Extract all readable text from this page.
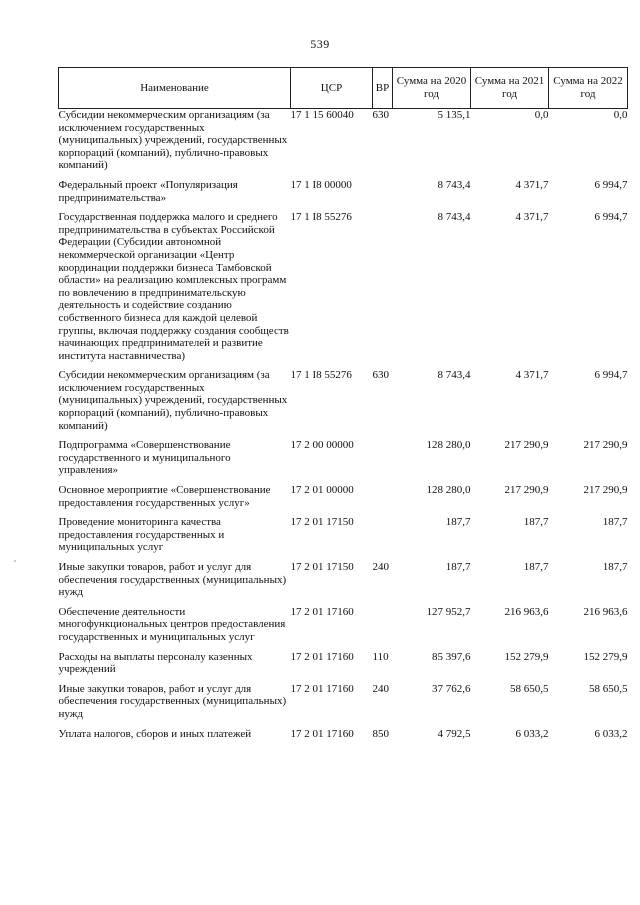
539
Наименование	ЦСР	ВР	Сумма на 2020 год	Сумма на 2021 год	Сумма на 2022 год
Субсидии некоммерческим организациям (за исключением государственных (муниципальных) учреждений, государственных корпораций (компаний), публично-правовых компаний)	17 1 15 60040	630	5 135,1	0,0	0,0
Федеральный проект «Популяризация предпринимательства»	17 1 I8 00000		8 743,4	4 371,7	6 994,7
Государственная поддержка малого и среднего предпринимательства в субъектах Российской Федерации (Субсидии автономной некоммерческой организации «Центр координации поддержки бизнеса Тамбовской области» на реализацию комплексных программ по вовлечению в предпринимательскую деятельность и содействие созданию собственного бизнеса для каждой целевой группы, включая поддержку создания сообществ начинающих предпринимателей и развитие института наставничества)	17 1 I8 55276		8 743,4	4 371,7	6 994,7
Субсидии некоммерческим организациям (за исключением государственных (муниципальных) учреждений, государственных корпораций (компаний), публично-правовых компаний)	17 1 I8 55276	630	8 743,4	4 371,7	6 994,7
Подпрограмма «Совершенствование государственного и муниципального управления»	17 2 00 00000		128 280,0	217 290,9	217 290,9
Основное мероприятие «Совершенствование предоставления государственных услуг»	17 2 01 00000		128 280,0	217 290,9	217 290,9
Проведение мониторинга качества предоставления государственных и муниципальных услуг	17 2 01 17150		187,7	187,7	187,7
Иные закупки товаров, работ и услуг для обеспечения государственных (муниципальных) нужд	17 2 01 17150	240	187,7	187,7	187,7
Обеспечение деятельности многофункциональных центров предоставления государственных и муниципальных услуг	17 2 01 17160		127 952,7	216 963,6	216 963,6
Расходы на выплаты персоналу казенных учреждений	17 2 01 17160	110	85 397,6	152 279,9	152 279,9
Иные закупки товаров, работ и услуг для обеспечения государственных (муниципальных) нужд	17 2 01 17160	240	37 762,6	58 650,5	58 650,5
Уплата налогов, сборов и иных платежей	17 2 01 17160	850	4 792,5	6 033,2	6 033,2
